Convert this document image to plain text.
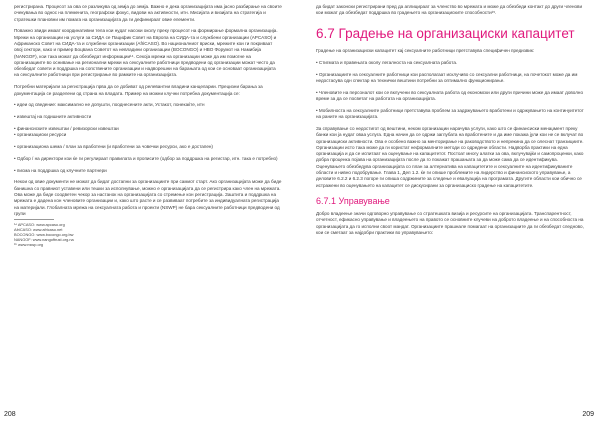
регистрирана. Процесот за ова се разликува од земја до земја. Важно е дека организацијата има јасно разбирање на своите очекувања во однос на племенита, географски фокус, видови на активности, итн. Мисијата и визијата на стратегија и стратешки плановни им помага на организацијата да ги дефинираат овие елементи.

Поважно звиди имаат координативни тела кои нудат насоки околу преку процесот на формирање формална организација. Мрежи на организации на услуги за СИДА се Пацифик Совет на Европа на СИДА-та и службени организации (APCASO) и Африканско Совет на СИДА-та и службени организации (AfriCASO). Во националниот вриски, мрежите кои ги покриваат овој сектори, како и пример Боцвана Советот на невладини организации (BOCONGO) и НВО Форумот на Намибија (NANGOF), кои така можат да обезбедат информации¹⁴. Секоја мрежи на организации може да им помогне на организациите во оснивање на регионални мрежи на сексуалните работници предводени од организации можат често да обезбедат совети и поддршка на сопствените организации и надворешни на барањата од кои се основаат организацијата на сексуалните работници при регистрирање во рамките на организацијата.

Потребни материјали за регистрација прва да се добиват од релевантни владини канцеларии. Прецизни барања за документација се разделени од страна на владата. Пример на можни клучни потребна документација се:

• идеи од сведение: максимално не допушти, пооднесените акти, Устакот, понекаќте, итн

• извештај на годишните активности

• финансиските извештаи / ревизорски извештаи
• организациски ресурси

• организациона шема / план за вработени (и вработени за човечки ресурси, ако е достапен)

• Одбор / на директори кои ќе ги регулираат правилата и прописите (одбор за поддршка на регистар, итн. така е потребно)

• писма на поддршка од клучните партнери

Некои од овие документи не можат да бидат достапни за организациите при самиот старт. Ако организацијата може да биде банишна со правниот уставени или тешки за исполнување, можно е организацијата да се регистрира како член на мрежата. Ова може да биде соодветен чекор за настанок на организацијата со стремење кон регистрација. Заштита и поддршка на мрежата е дадена кон членовите организации и, како што расте и се развиваат потребите за индивидуалната регистрација на материјали. Глобалната мрежа на сексуалната работа и проекти (NSWP) не бара сексуалните работници предводени од групи

¹⁴ APCASO: www.apcaso.org

AfriCASO: www.africaso.net

BOCONGO: www.bocongo.org.bw

NANGOF: www.nangoftrust.org.na

¹⁵ www.nswp.org

да бидат законски регистрирани пред да аплицираат за членство во мрежата и може да обезбеди контакт до други членови кои можат да обезбедат поддршка во градењето на организациските способности¹⁵.

6.7 Градење на организациски капацитет

Градење на организациски капацитет кај сексуалните работници претставува специфичен предизвик:

• Стигмата и правењата околу легалноста на сексуалната работа.

• Организациите на сексуалните работници кои располагаат исклучиво со сексуални работници, на почетокот може да им недостасува одн спектар на технички вештини потребни за оптимално функционирање.

• Членовите на персоналот кои се вклучени во сексуалната работа од економски или други причини може да имаат доволно време за да се посветат на работата на организацијата.

• Мобилноста на сексуалните работници претставува проблем за задржувањето вработени и одржувањето на континуитетот на раните на организацијата.

За справување со недостигот од вештини, неком организации нарачува услуги, како што се финансиски менаџмент преку банки кои ја нудат оваа услуга. Една начин да се одржи заглубата на вработените и да име покажа јули кои не се вклучат во организациски активности. Ова е особено важно за менторирање на раководството и непрекина да се олеснат транзициите. Организации исто така може да ги користат неформалните методи со одредени области. Надворба практики на една организација и да се испитаат на оценување на капацитетот. Постоат многу алатки за ова, вклучувајќи и самопроценки, како добра проценка појава на организацијата после да го покажат прашањата за да може сама да се идентификува. Оценувањето обезбедува организацијата со план за алтернатива на капацитетите и сексуалните на идентификуваните области и нивно подобрување. Глава 1, Дел 1.2. ќе ги опише проблемите на лидерство и финансиското управување, а деловите 6.2.2 и 6.2.3 погоре ги опиша содржините за следење и евалуација на програмата. Другите области кои обично се истражени во оценувањето на капацитет се дискусирани за организациско градење на капацитетите.

6.7.1 Управување

Добро владеење значи одговорно управување со стратешката визија и ресурсите на организацијата. Транспарентност, отчетност, ефикасно управување и владеењето на правото се основните клучеви на доброто владеење и на способноста на организацијата да го исполни своот мандат. Организациите прашнале помагаат на организациите да ги обезбедат следново, кои се сметаат за најдобри практики во управувањето:

208	209
